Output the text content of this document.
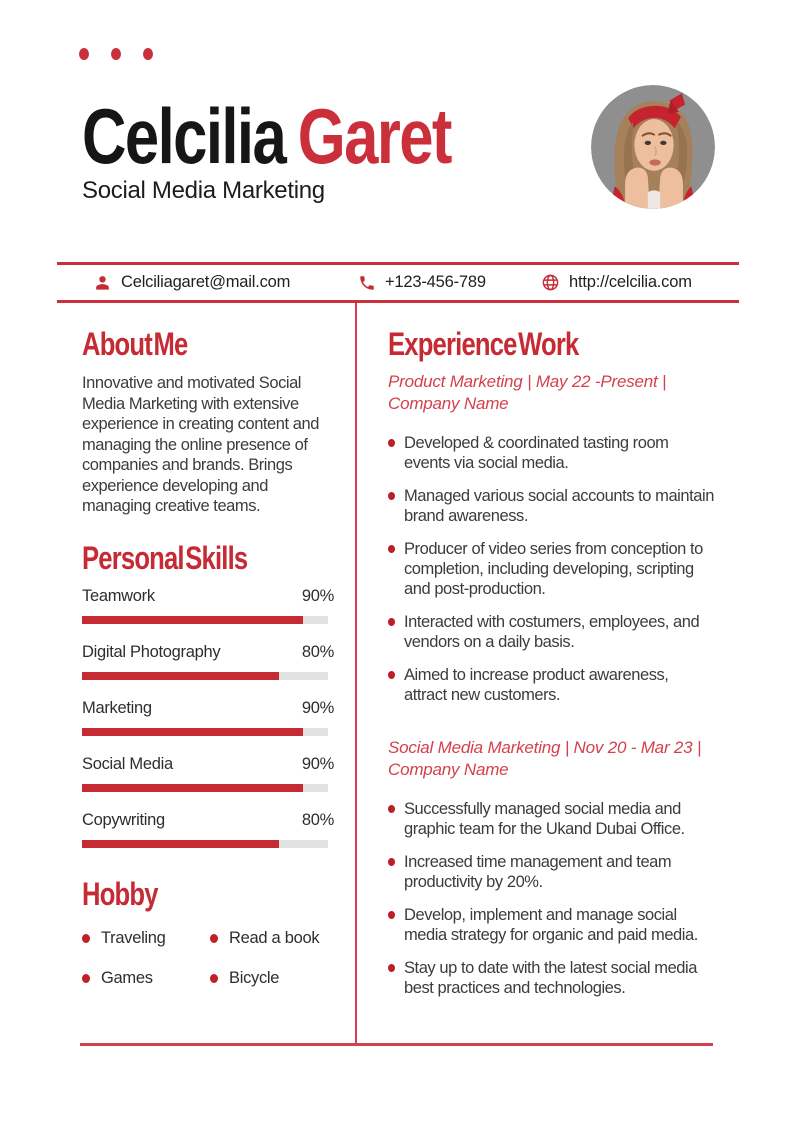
Celcilia Garet
Social Media Marketing
Celciliagaret@mail.com	+123-456-789	http://celcilia.com
About Me

Innovative and motivated Social Media Marketing with extensive experience in creating content and managing the online presence of companies and brands. Brings experience developing and managing creative teams.

Personal Skills
Teamwork	90%
Digital Photography	80%
Marketing	90%
Social Media	90%
Copywriting	80%
Hobby
Traveling	Read a book
Games	Bicycle
Experience Work
Product Marketing | May 22 -Present |
Company Name
Developed & coordinated tasting room events via social media.
Managed various social accounts to maintain brand awareness.
Producer of video series from conception to completion, including developing, scripting and post-production.
Interacted with costumers, employees, and vendors on a daily basis.
Aimed to increase product awareness, attract new customers.
Social Media Marketing | Nov 20 - Mar 23 |
Company Name
Successfully managed social media and graphic team for the Ukand Dubai Office.
Increased time management and team productivity by 20%.
Develop, implement and manage social media strategy for organic and paid media.
Stay up to date with the latest social media best practices and technologies.
